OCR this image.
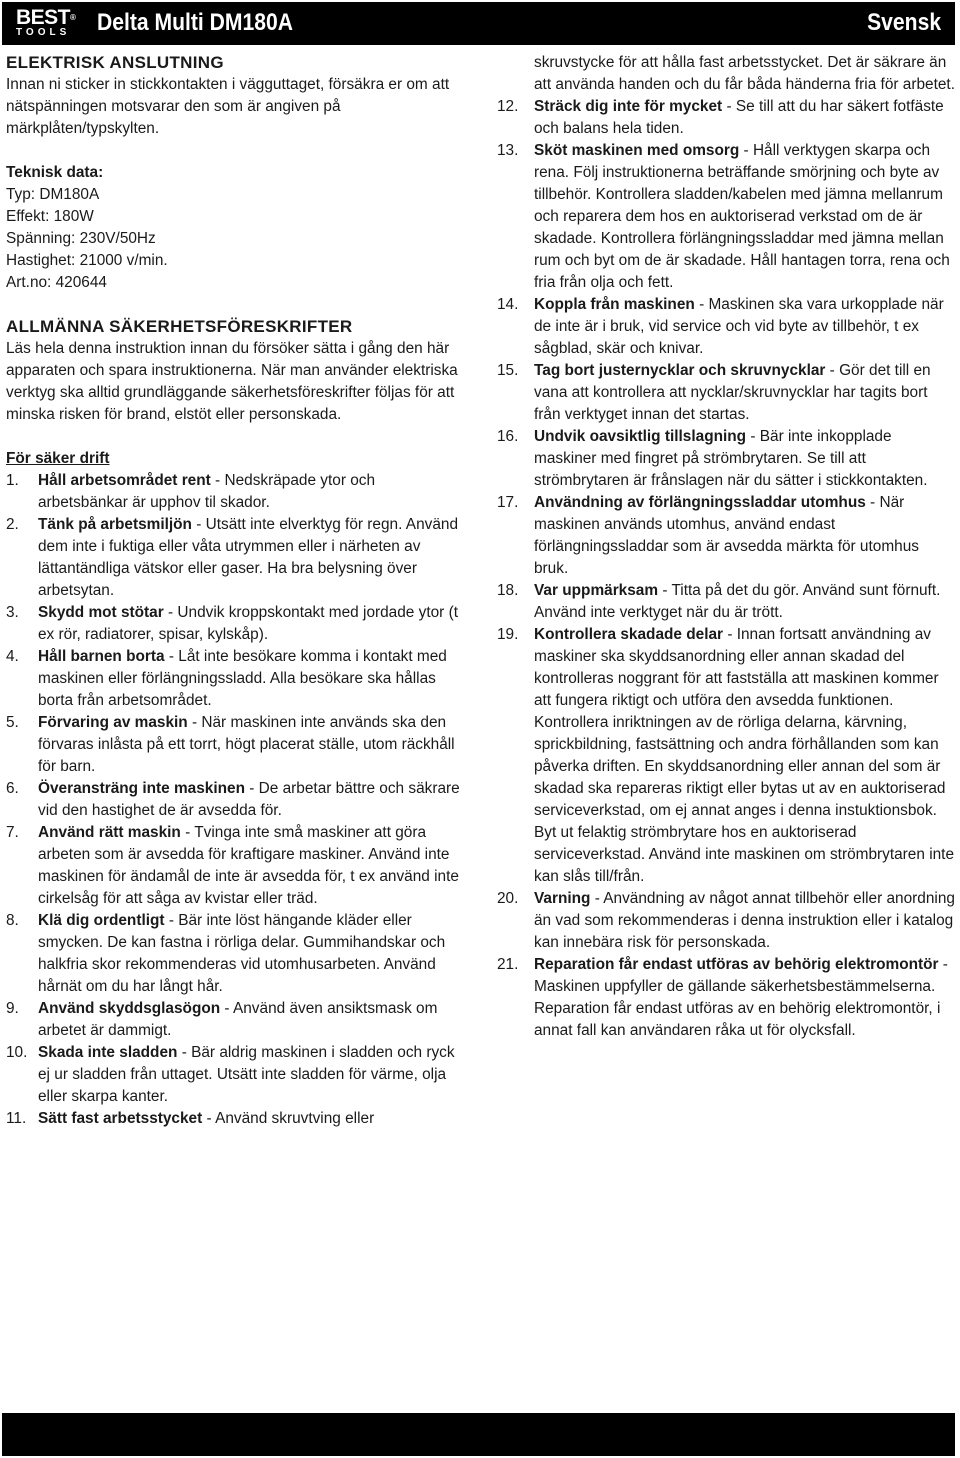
BEST®
TOOLS	Delta Multi DM180A	Svensk
ELEKTRISK ANSLUTNING

Innan ni sticker in stickkontakten i vägguttaget, försäkra er om att nätspänningen motsvarar den som är angiven på märkplåten/typskylten.

Teknisk data:

Typ: DM180A

Effekt: 180W

Spänning: 230V/50Hz

Hastighet: 21000 v/min.

Art.no: 420644

ALLMÄNNA SÄKERHETSFÖRESKRIFTER

Läs hela denna instruktion innan du försöker sätta i gång den här apparaten och spara instruktionerna. När man använder elektriska verktyg ska alltid grundläggande säkerhetsföreskrifter följas för att minska risken för brand, elstöt eller personskada.

För säker drift

1. Håll arbetsområdet rent - Nedskräpade ytor och arbetsbänkar är upphov til skador.
2. Tänk på arbetsmiljön - Utsätt inte elverktyg för regn. Använd dem inte i fuktiga eller våta utrymmen eller i närheten av lättantändliga vätskor eller gaser. Ha bra belysning över arbetsytan.
3. Skydd mot stötar - Undvik kroppskontakt med jordade ytor (t ex rör, radiatorer, spisar, kylskåp).
4. Håll barnen borta - Låt inte besökare komma i kontakt med maskinen eller förlängningssladd. Alla besökare ska hållas borta från arbetsområdet.
5. Förvaring av maskin - När maskinen inte används ska den förvaras inlåsta på ett torrt, högt placerat ställe, utom räckhåll för barn.
6. Överansträng inte maskinen - De arbetar bättre och säkrare vid den hastighet de är avsedda för.
7. Använd rätt maskin - Tvinga inte små maskiner att göra arbeten som är avsedda för kraftigare maskiner. Använd inte maskinen för ändamål de inte är avsedda för, t ex använd inte cirkelsåg för att såga av kvistar eller träd.
8. Klä dig ordentligt - Bär inte löst hängande kläder eller smycken. De kan fastna i rörliga delar. Gummihandskar och halkfria skor rekommenderas vid utomhusarbeten. Använd hårnät om du har långt hår.
9. Använd skyddsglasögon - Använd även ansiktsmask om arbetet är dammigt.
10. Skada inte sladden - Bär aldrig maskinen i sladden och ryck ej ur sladden från uttaget. Utsätt inte sladden för värme, olja eller skarpa kanter.
11. Sätt fast arbetsstycket - Använd skruvtving eller

skruvstycke för att hålla fast arbetsstycket. Det är säkrare än att använda handen och du får båda händerna fria för arbetet.

12. Sträck dig inte för mycket - Se till att du har säkert fotfäste och balans hela tiden.
13. Sköt maskinen med omsorg - Håll verktygen skarpa och rena. Följ instruktionerna beträffande smörjning och byte av tillbehör. Kontrollera sladden/kabelen med jämna mellanrum och reparera dem hos en auktoriserad verkstad om de är skadade. Kontrollera förlängningssladdar med jämna mellan rum och byt om de är skadade. Håll hantagen torra, rena och fria från olja och fett.
14. Koppla från maskinen - Maskinen ska vara urkopplade när de inte är i bruk, vid service och vid byte av tillbehör, t ex sågblad, skär och knivar.
15. Tag bort justernycklar och skruvnycklar - Gör det till en vana att kontrollera att nycklar/skruvnycklar har tagits bort från verktyget innan det startas.
16. Undvik oavsiktlig tillslagning - Bär inte inkopplade maskiner med fingret på strömbrytaren. Se till att strömbrytaren är frånslagen när du sätter i stickkontakten.
17. Användning av förlängningssladdar utomhus - När maskinen används utomhus, använd endast förlängningssladdar som är avsedda märkta för utomhus bruk.
18. Var uppmärksam - Titta på det du gör. Använd sunt förnuft. Använd inte verktyget när du är trött.
19. Kontrollera skadade delar - Innan fortsatt användning av maskiner ska skyddsanordning eller annan skadad del kontrolleras noggrant för att fastställa att maskinen kommer att fungera riktigt och utföra den avsedda funktionen. Kontrollera inriktningen av de rörliga delarna, kärvning, sprickbildning, fastsättning och andra förhållanden som kan påverka driften. En skyddsanordning eller annan del som är skadad ska repareras riktigt eller bytas ut av en auktoriserad serviceverkstad, om ej annat anges i denna instuktionsbok. Byt ut felaktig strömbrytare hos en auktoriserad serviceverkstad. Använd inte maskinen om strömbrytaren inte kan slås till/från.
20. Varning - Användning av något annat tillbehör eller anordning än vad som rekommenderas i denna instruktion eller i katalog kan innebära risk för personskada.
21. Reparation får endast utföras av behörig elektromontör - Maskinen uppfyller de gällande säkerhetsbestämmelserna. Reparation får endast utföras av en behörig elektromontör, i annat fall kan användaren råka ut för olycksfall.
